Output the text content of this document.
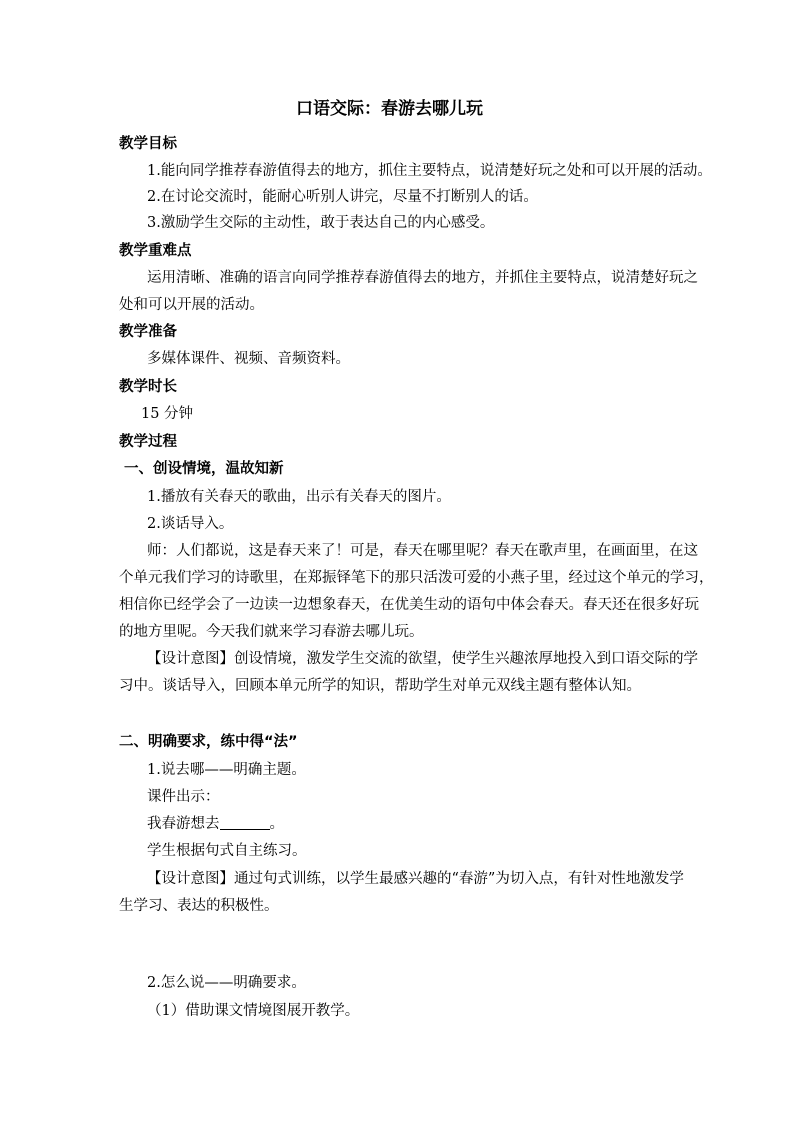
口语交际：春游去哪儿玩
教学目标
1.能向同学推荐春游值得去的地方，抓住主要特点，说清楚好玩之处和可以开展的活动。
2.在讨论交流时，能耐心听别人讲完，尽量不打断别人的话。
3.激励学生交际的主动性，敢于表达自己的内心感受。
教学重难点
运用清晰、准确的语言向同学推荐春游值得去的地方，并抓住主要特点，说清楚好玩之
处和可以开展的活动。
教学准备
多媒体课件、视频、音频资料。
教学时长
15 分钟
教学过程
一、创设情境，温故知新
1.播放有关春天的歌曲，出示有关春天的图片。
2.谈话导入。
师：人们都说，这是春天来了！可是，春天在哪里呢？春天在歌声里，在画面里，在这
个单元我们学习的诗歌里，在郑振铎笔下的那只活泼可爱的小燕子里，经过这个单元的学习，
相信你已经学会了一边读一边想象春天，在优美生动的语句中体会春天。春天还在很多好玩
的地方里呢。今天我们就来学习春游去哪儿玩。
【设计意图】创设情境，激发学生交流的欲望，使学生兴趣浓厚地投入到口语交际的学
习中。谈话导入，回顾本单元所学的知识，帮助学生对单元双线主题有整体认知。
二、明确要求，练中得“法”
1.说去哪——明确主题。
课件出示：
我春游想去	。
学生根据句式自主练习。
【设计意图】通过句式训练，以学生最感兴趣的“春游”为切入点，有针对性地激发学
生学习、表达的积极性。
2.怎么说——明确要求。
（1）借助课文情境图展开教学。
